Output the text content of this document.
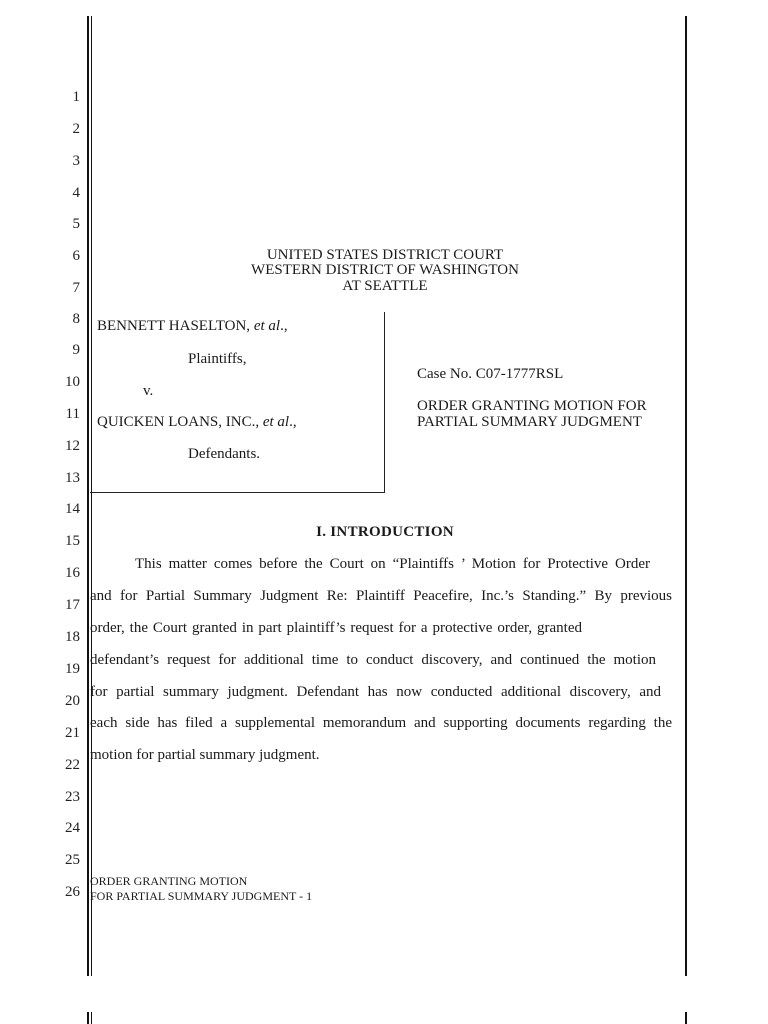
1
2
3
4
5
6
7
8
9
10
11
12
13
14
15
16
17
18
19
20
21
22
23
24
25
26
UNITED STATES DISTRICT COURT
WESTERN DISTRICT OF WASHINGTON
AT SEATTLE
BENNETT HASELTON, et al.,
Plaintiffs,
v.
QUICKEN LOANS, INC., et al.,
Defendants.
Case No. C07-1777RSL
ORDER GRANTING MOTION FOR
PARTIAL SUMMARY JUDGMENT
I. INTRODUCTION
This matter comes before the Court on “Plaintiffs ’ Motion for Protective Order
and for Partial Summary Judgment Re: Plaintiff Peacefire, Inc.’s Standing.” By previous
order, the Court granted in part plaintiff’s request for a protective order, granted
defendant’s request for additional time to conduct discovery, and continued the motion
for partial summary judgment. Defendant has now conducted additional discovery, and
each side has filed a supplemental memorandum and supporting documents regarding the
motion for partial summary judgment.
ORDER GRANTING MOTION
FOR PARTIAL SUMMARY JUDGMENT - 1
